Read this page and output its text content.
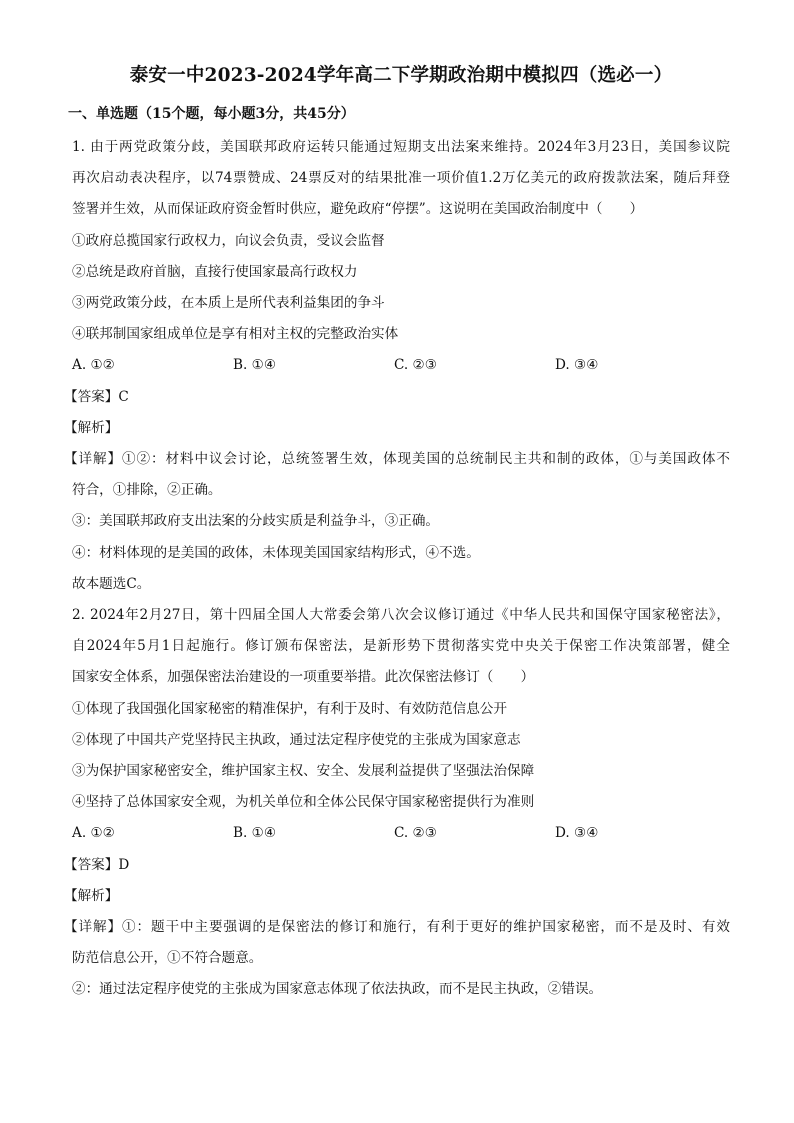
泰安一中2023-2024学年高二下学期政治期中模拟四（选必一）
一、单选题（15个题，每小题3分，共45分）

1. 由于两党政策分歧，美国联邦政府运转只能通过短期支出法案来维持。2024年3月23日，美国参议院

再次启动表决程序，以74票赞成、24票反对的结果批准一项价值1.2万亿美元的政府拨款法案，随后拜登

签署并生效，从而保证政府资金暂时供应，避免政府“停摆”。这说明在美国政治制度中（　　）

①政府总揽国家行政权力，向议会负责，受议会监督

②总统是政府首脑，直接行使国家最高行政权力

③两党政策分歧，在本质上是所代表利益集团的争斗

④联邦制国家组成单位是享有相对主权的完整政治实体

A. ①②	B. ①④	C. ②③	D. ③④

【答案】C

【解析】

【详解】①②：材料中议会讨论，总统签署生效，体现美国的总统制民主共和制的政体，①与美国政体不

符合，①排除，②正确。

③：美国联邦政府支出法案的分歧实质是利益争斗，③正确。

④：材料体现的是美国的政体，未体现美国国家结构形式，④不选。

故本题选C。

2. 2024年2月27日，第十四届全国人大常委会第八次会议修订通过《中华人民共和国保守国家秘密法》，

自2024年5月1日起施行。修订颁布保密法，是新形势下贯彻落实党中央关于保密工作决策部署，健全

国家安全体系，加强保密法治建设的一项重要举措。此次保密法修订（　　）

①体现了我国强化国家秘密的精准保护，有利于及时、有效防范信息公开

②体现了中国共产党坚持民主执政，通过法定程序使党的主张成为国家意志

③为保护国家秘密安全，维护国家主权、安全、发展利益提供了坚强法治保障

④坚持了总体国家安全观，为机关单位和全体公民保守国家秘密提供行为准则

A. ①②	B. ①④	C. ②③	D. ③④

【答案】D

【解析】

【详解】①：题干中主要强调的是保密法的修订和施行，有利于更好的维护国家秘密，而不是及时、有效

防范信息公开，①不符合题意。

②：通过法定程序使党的主张成为国家意志体现了依法执政，而不是民主执政，②错误。
